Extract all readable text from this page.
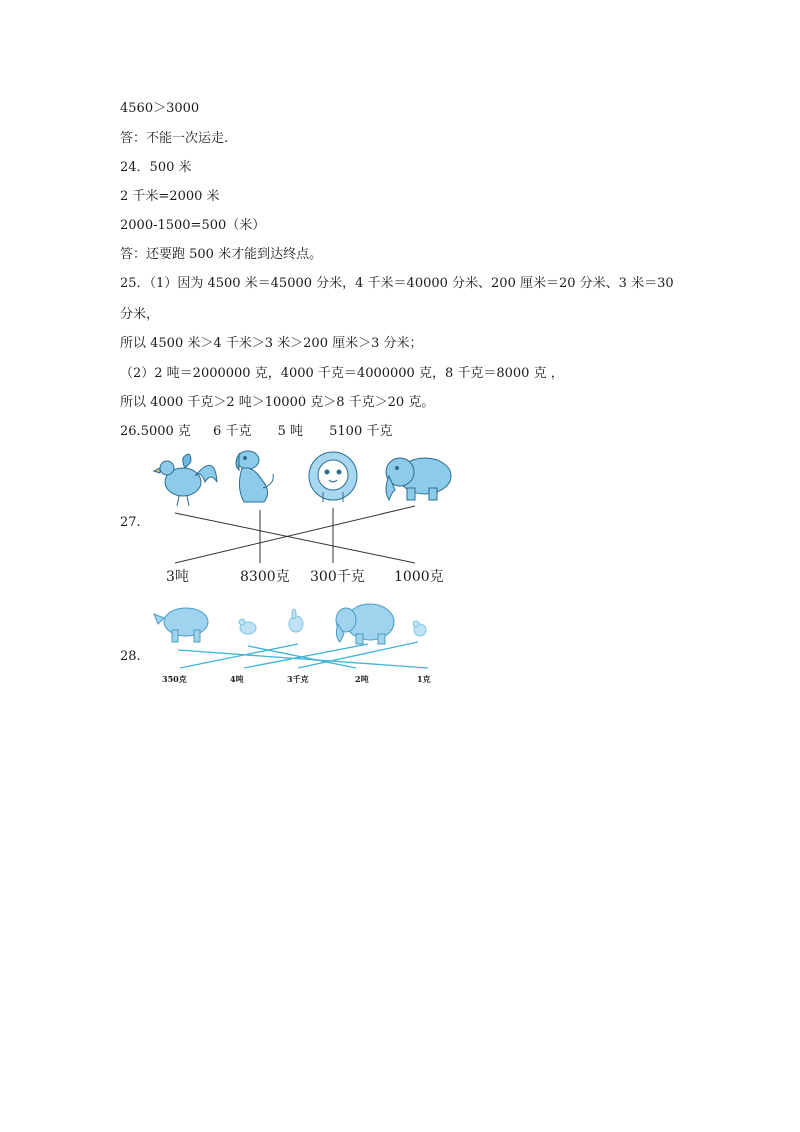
4560＞3000
答：不能一次运走.
24．500 米
2 千米=2000 米
2000-1500=500（米）
答：还要跑 500 米才能到达终点。
25．（1）因为 4500 米＝45000 分米，4 千米＝40000 分米、200 厘米＝20 分米、3 米＝30
分米，
所以 4500 米＞4 千米＞3 米＞200 厘米＞3 分米；
（2）2 吨＝2000000 克，4000 千克＝4000000 克，8 千克＝8000 克 ，
所以 4000 千克＞2 吨＞10000 克＞8 千克＞20 克。
26.5000 克 6 千克 5 吨 5100 千克
27.
3吨	8300克 300千克 1000克
28.
350克	4吨	3千克	2吨	1克
